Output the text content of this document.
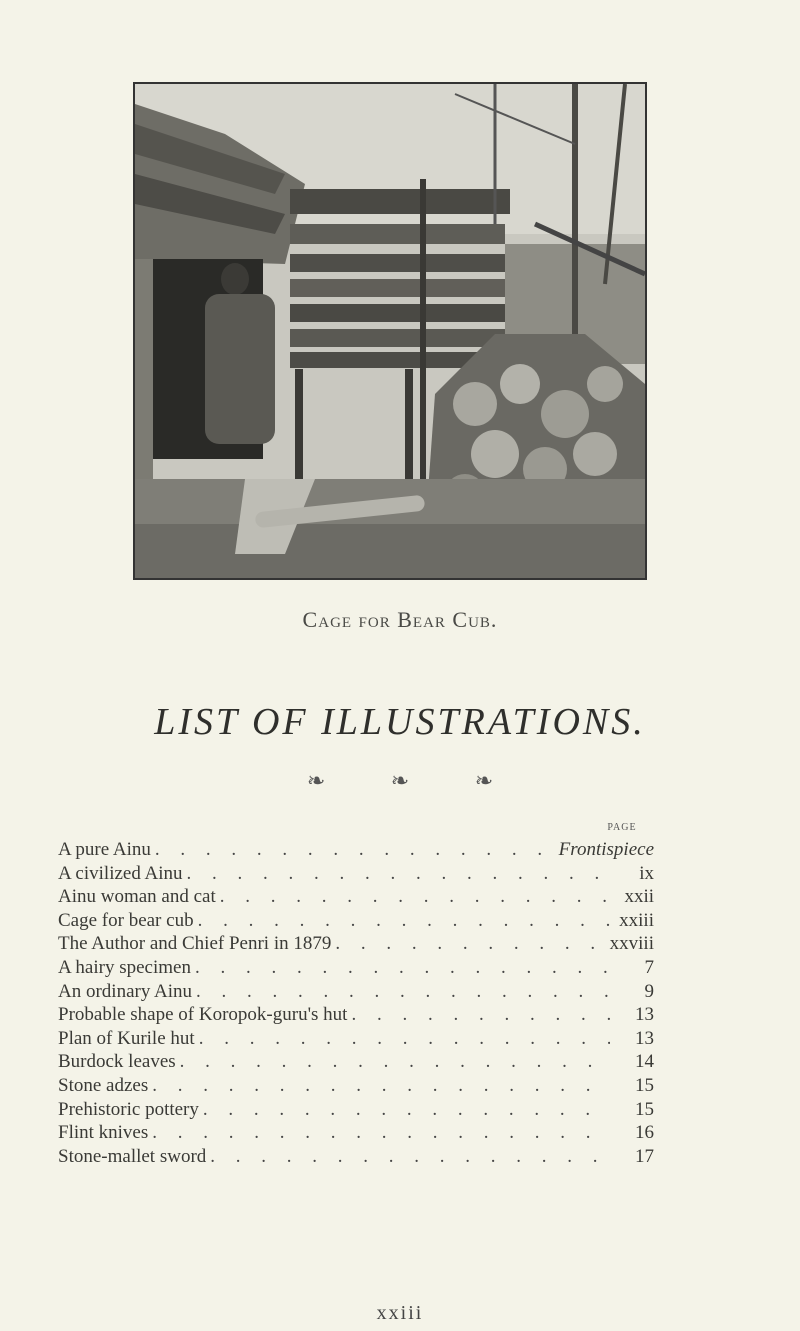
Cage for Bear Cub.
LIST OF ILLUSTRATIONS.
❧ ❧ ❧
PAGE
A pure Ainu . . .	Frontispiece
A civilized Ainu . . .	ix
Ainu woman and cat . . .	xxii
Cage for bear cub . . .	xxiii
The Author and Chief Penri in 1879 . . .	xxviii
A hairy specimen . . .	7
An ordinary Ainu . . .	9
Probable shape of Koropok-guru's hut . . .	13
Plan of Kurile hut . . .	13
Burdock leaves . . .	14
Stone adzes . . .	15
Prehistoric pottery . . .	15
Flint knives . . .	16
Stone-mallet sword . . .	17
xxiii
